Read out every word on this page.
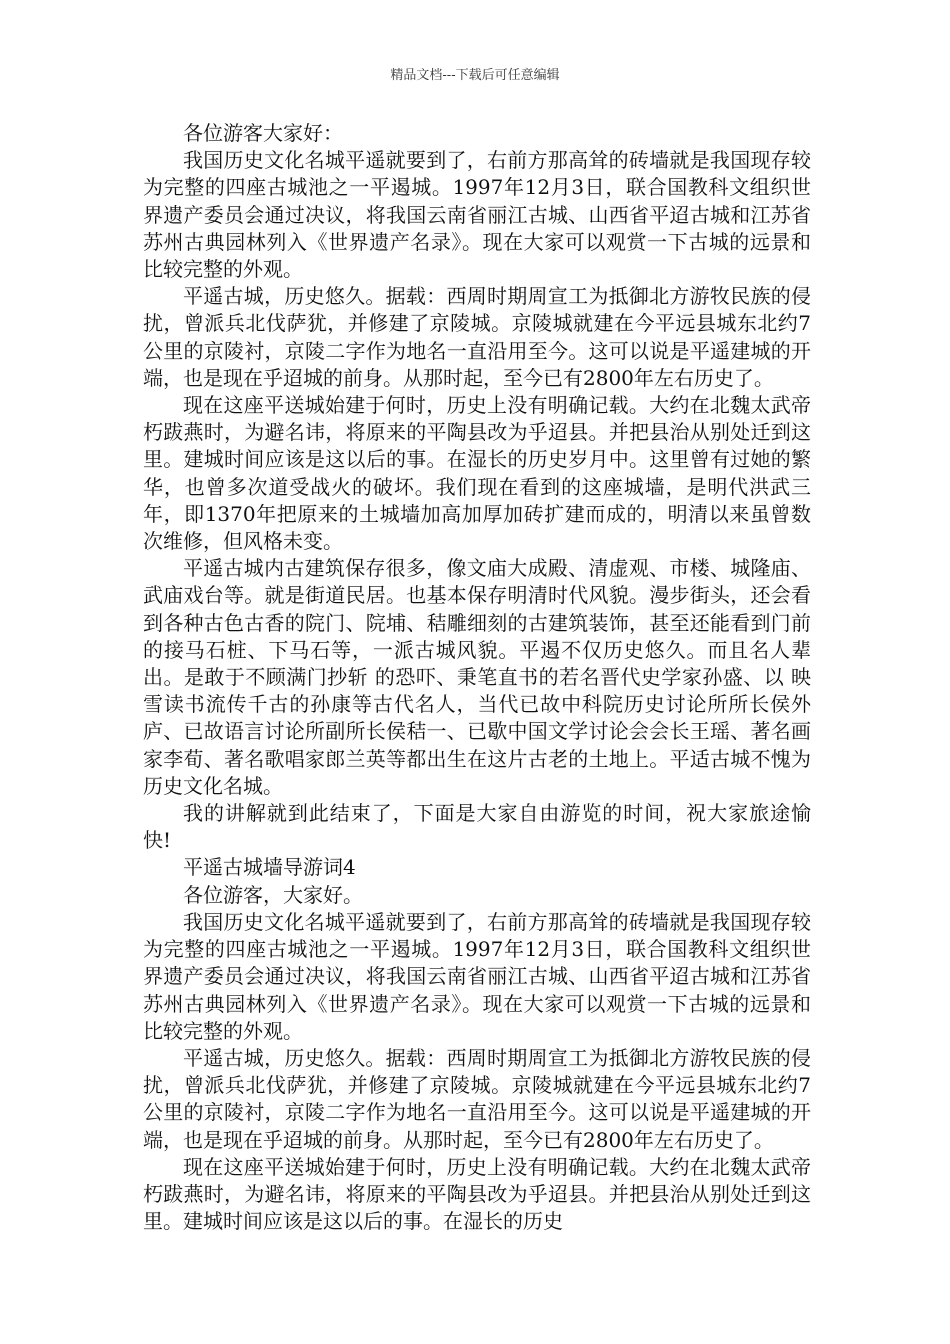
精品文档---下载后可任意编辑

各位游客大家好：

我国历史文化名城平遥就要到了，右前方那高耸的砖墙就是我国现存较为完整的四座古城池之一平遏城。1997年12月3日，联合国教科文组织世界遗产委员会通过决议，将我国云南省丽江古城、山西省平迢古城和江苏省苏州古典园林列入《世界遗产名录》。现在大家可以观赏一下古城的远景和比较完整的外观。

平遥古城，历史悠久。据载：西周时期周宣工为抵御北方游牧民族的侵扰，曾派兵北伐萨犹，并修建了京陵城。京陵城就建在今平远县城东北约7公里的京陵衬，京陵二字作为地名一直沿用至今。这可以说是平遥建城的开端，也是现在乎迢城的前身。从那时起，至今已有2800年左右历史了。

现在这座平送城始建于何时，历史上没有明确记载。大约在北魏太武帝朽跋燕时，为避名讳，将原来的平陶县改为乎迢县。并把县治从别处迁到这里。建城时间应该是这以后的事。在湿长的历史岁月中。这里曾有过她的繁华，也曾多次道受战火的破坏。我们现在看到的这座城墙，是明代洪武三年，即1370年把原来的土城墙加高加厚加砖扩建而成的，明清以来虽曾数次维修，但风格未变。

平遥古城内古建筑保存很多，像文庙大成殿、清虚观、市楼、城隆庙、武庙戏台等。就是街道民居。也基本保存明清时代风貌。漫步街头，还会看到各种古色古香的院门、院埔、秸雕细刻的古建筑装饰，甚至还能看到门前的接马石桩、下马石等，一派古城风貌。平遏不仅历史悠久。而且名人辈出。是敢于不顾满门抄斩 的恐吓、秉笔直书的若名晋代史学家孙盛、以 映雪读书流传千古的孙康等古代名人，当代已故中科院历史讨论所所长侯外庐、已故语言讨论所副所长侯秸一、已歇中国文学讨论会会长王瑶、著名画家李荀、著名歌唱家郎兰英等都出生在这片古老的土地上。平适古城不愧为历史文化名城。

我的讲解就到此结束了，下面是大家自由游览的时间，祝大家旅途愉快!

平遥古城墙导游词4

各位游客，大家好。

我国历史文化名城平遥就要到了，右前方那高耸的砖墙就是我国现存较为完整的四座古城池之一平遏城。1997年12月3日，联合国教科文组织世界遗产委员会通过决议，将我国云南省丽江古城、山西省平迢古城和江苏省苏州古典园林列入《世界遗产名录》。现在大家可以观赏一下古城的远景和比较完整的外观。

平遥古城，历史悠久。据载：西周时期周宣工为抵御北方游牧民族的侵扰，曾派兵北伐萨犹，并修建了京陵城。京陵城就建在今平远县城东北约7公里的京陵衬，京陵二字作为地名一直沿用至今。这可以说是平遥建城的开端，也是现在乎迢城的前身。从那时起，至今已有2800年左右历史了。

现在这座平送城始建于何时，历史上没有明确记载。大约在北魏太武帝朽跋燕时，为避名讳，将原来的平陶县改为乎迢县。并把县治从别处迁到这里。建城时间应该是这以后的事。在湿长的历史
